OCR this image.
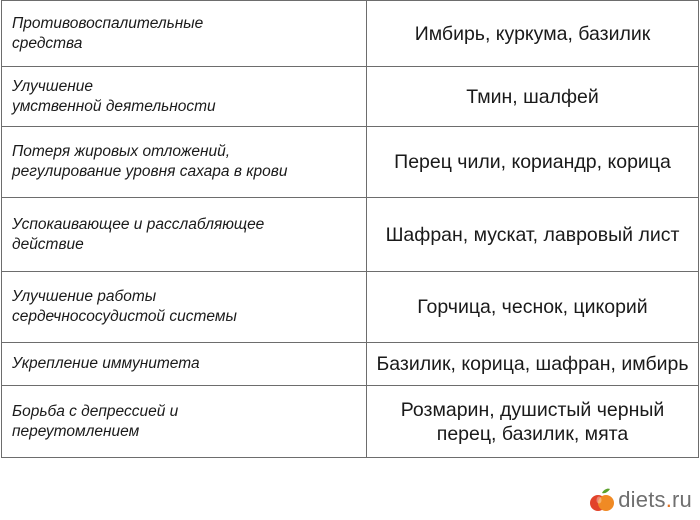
Противовоспалительные
средства	Имбирь, куркума, базилик
Улучшение
умственной деятельности	Тмин, шалфей
Потеря жировых отложений,
регулирование уровня сахара в крови	Перец чили, кориандр, корица
Успокаивающее и расслабляющее
действие	Шафран, мускат, лавровый лист
Улучшение работы
сердечнососудистой системы	Горчица, чеснок, цикорий
Укрепление иммунитета	Базилик, корица, шафран, имбирь
Борьба с депрессией и
переутомлением	Розмарин, душистый черный
перец, базилик, мята
diets . ru
